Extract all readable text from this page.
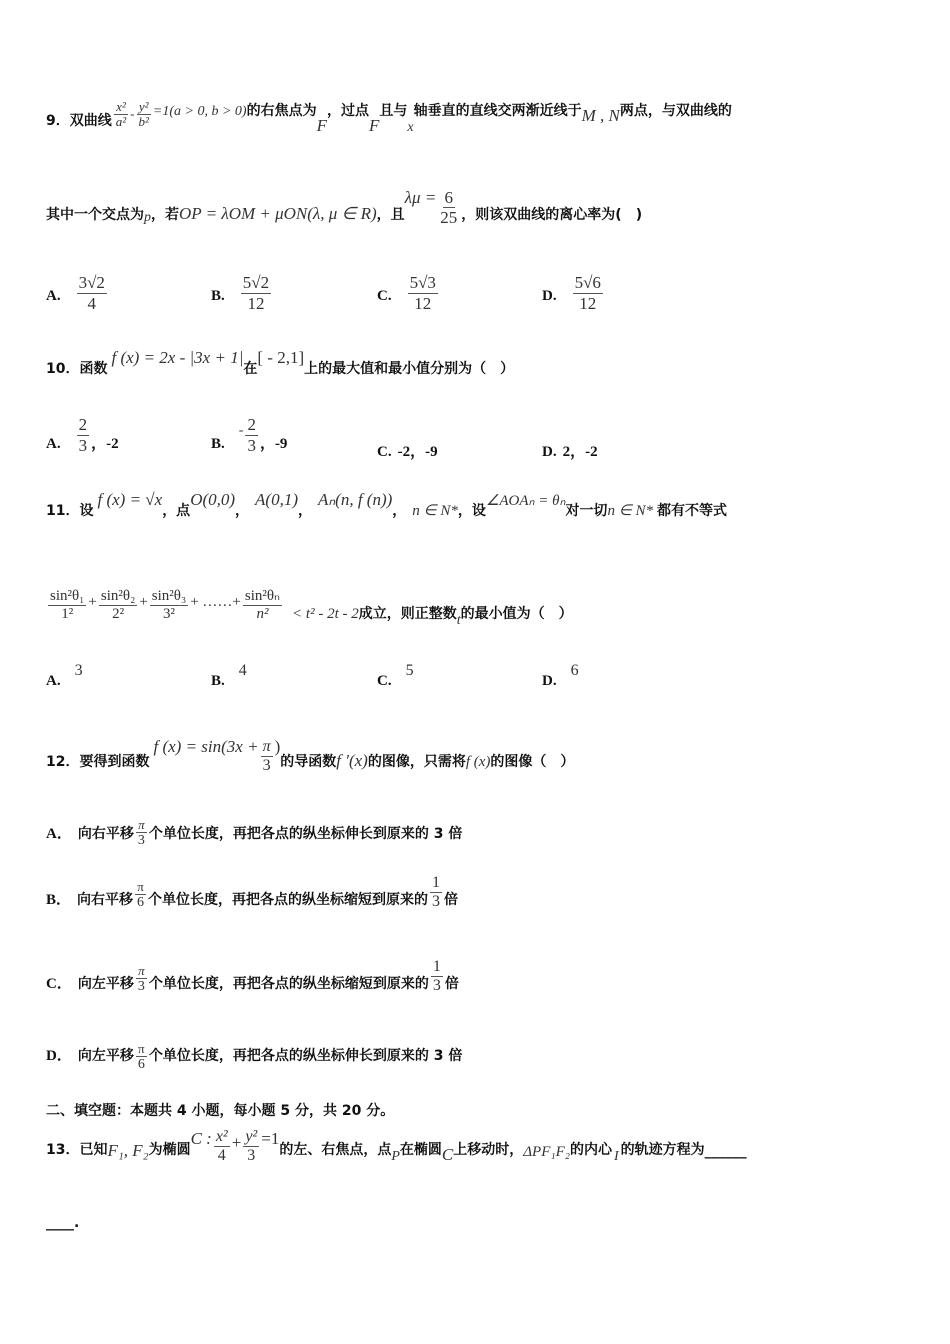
9． 双曲线 $\frac{\text{x²}}{\text{a²}} - \frac{\text{y²}}{\text{b²}} =1(a > 0$, b > 0) 的右焦点为
F
，过点
F
且与
x
轴垂直的直线交两渐近线于 M , N 两点，与双曲线的
其中一个交点为 p ，若 OP = λOM + μON(λ, μ ∈ R) ，且
$\lambda\mu = \frac{6}{25}$ ，则该双曲线的离心率为(　)
A. $\frac{3√2}{4}$	B. $\frac{5√2}{12}$	C. $\frac{5√3}{12}$	D. $\frac{5√6}{12}$
10． 函数
f (x) = 2x - |3x + 1|
在
[ - 2,1]
上的最大值和最小值分别为（　）
A. $\frac{2}{3}$ ，-2	B.
- $\frac{2}{3}$ ，-9	C. -2，-9	D. 2，-2
11． 设
f (x) = √x
，点
O(0,0)
，
A(0,1)
，
Aₙ(n, f (n))
， n ∈ N* ，设
∠AOAₙ = θₙ
对一切 n ∈ N* 都有不等式
$\frac{\text{sin²θ₁}}{\text{1²}} + \frac{\text{sin²θ₂}}{\text{2²}} + \frac{\text{sin²θ₃}}{\text{3²}}$ + ……+ $\frac{\text{sin²θₙ}}{\text{n²}} < t^2 - 2t - 2$ 成立，则正整数 t 的最小值为（　）
A.
3
B.
4
C.
5
D.
6
12． 要得到函数
f $(x) = \sin(3x + \frac{\pi}{3}$ )
的导函数 f ′(x) 的图像，只需将 f (x) 的图像（　）
A． 向右平移 $\frac{\pi}{3}$ 个单位长度，再把各点的纵坐标伸长到原来的 3 倍
B． 向右平移 $\frac{\pi}{6}$ 个单位长度，再把各点的纵坐标缩短到原来的 $\frac{1}{3}$ 倍
C． 向左平移 $\frac{\pi}{3}$ 个单位长度，再把各点的纵坐标缩短到原来的 $\frac{1}{3}$ 倍
D． 向左平移 $\frac{\pi}{6}$ 个单位长度，再把各点的纵坐标伸长到原来的 3 倍
二、填空题：本题共 4 小题，每小题 5 分，共 20 分。
13． 已知 F₁, F₂ 为椭圆
C : $\frac{\text{x²}}{4} + \frac{\text{y²}}{3} =1$
的左、右焦点，点 P 在椭圆 C 上移动时， ΔPF₁F₂ 的内心 I 的轨迹方程为 ______
____ .
